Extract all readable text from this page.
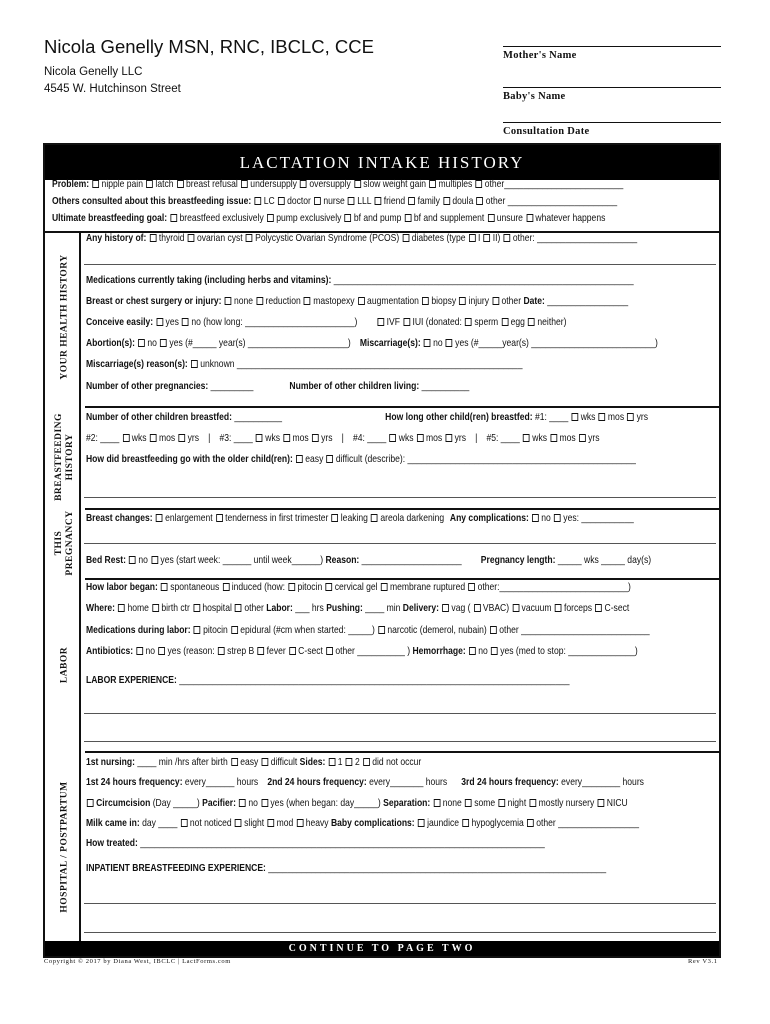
Nicola Genelly MSN, RNC, IBCLC, CCE
Nicola Genelly LLC
4545 W. Hutchinson Street
Mother's Name
Baby's Name
Consultation Date
LACTATION INTAKE HISTORY
YOUR HEALTH HISTORY
BREASTFEEDING
HISTORY
THIS
PREGNANCY
LABOR
HOSPITAL / POSTPARTUM
CONTINUE TO PAGE TWO
Problem: nipple pain latch breast refusal undersupply oversupply slow weight gain multiples other_________________________
Others consulted about this breastfeeding issue: LC doctor nurse LLL friend family doula other _______________________
Ultimate breastfeeding goal: breastfeed exclusively pump exclusively bf and pump bf and supplement unsure whatever happens
Any history of: thyroid ovarian cyst Polycystic Ovarian Syndrome (PCOS) diabetes (type I II) other: _____________________
Medications currently taking (including herbs and vitamins): _______________________________________________________________
Breast or chest surgery or injury: none reduction mastopexy augmentation biopsy injury other Date: _________________
Conceive easily: yes no (how long: _______________________)	IVF IUI (donated: sperm egg neither)
Abortion(s): no yes (#_____ year(s) _____________________) Miscarriage(s): no yes (#_____year(s) __________________________)
Miscarriage(s) reason(s): unknown ____________________________________________________________
Number of other pregnancies: _________	Number of other children living: __________
Number of other children breastfed: __________	How long other child(ren) breastfed: #1: ____ wks mos yrs
#2: ____ wks mos yrs | #3: ____ wks mos yrs | #4: ____ wks mos yrs | #5: ____ wks mos yrs
How did breastfeeding go with the older child(ren): easy difficult (describe): ________________________________________________
Breast changes: enlargement tenderness in first trimester leaking areola darkening Any complications: no yes: ___________
Bed Rest: no yes (start week: ______ until week______) Reason: _____________________ Pregnancy length: _____ wks _____ day(s)
How labor began: spontaneous induced (how: pitocin cervical gel membrane ruptured other:___________________________)
Where: home birth ctr hospital other Labor: ___ hrs Pushing: ____ min Delivery: vag ( VBAC) vacuum forceps C-sect
Medications during labor: pitocin epidural (#cm when started: _____) narcotic (demerol, nubain) other ___________________________
Antibiotics: no yes (reason: strep B fever C-sect other __________ ) Hemorrhage: no yes (med to stop: ______________)
LABOR EXPERIENCE: __________________________________________________________________________________
1st nursing: ____ min /hrs after birth easy difficult Sides: 1 2 did not occur
1st 24 hours frequency: every______ hours 2nd 24 hours frequency: every_______ hours 3rd 24 hours frequency: every________ hours
Circumcision (Day _____) Pacifier: no yes (when began: day_____) Separation: none some night mostly nursery NICU
Milk came in: day ____ not noticed slight mod heavy Baby complications: jaundice hypoglycemia other _________________
How treated: _____________________________________________________________________________________
INPATIENT BREASTFEEDING EXPERIENCE: _______________________________________________________________________
Copyright © 2017 by Diana West, IBCLC | LactForms.com	Rev V3.1
